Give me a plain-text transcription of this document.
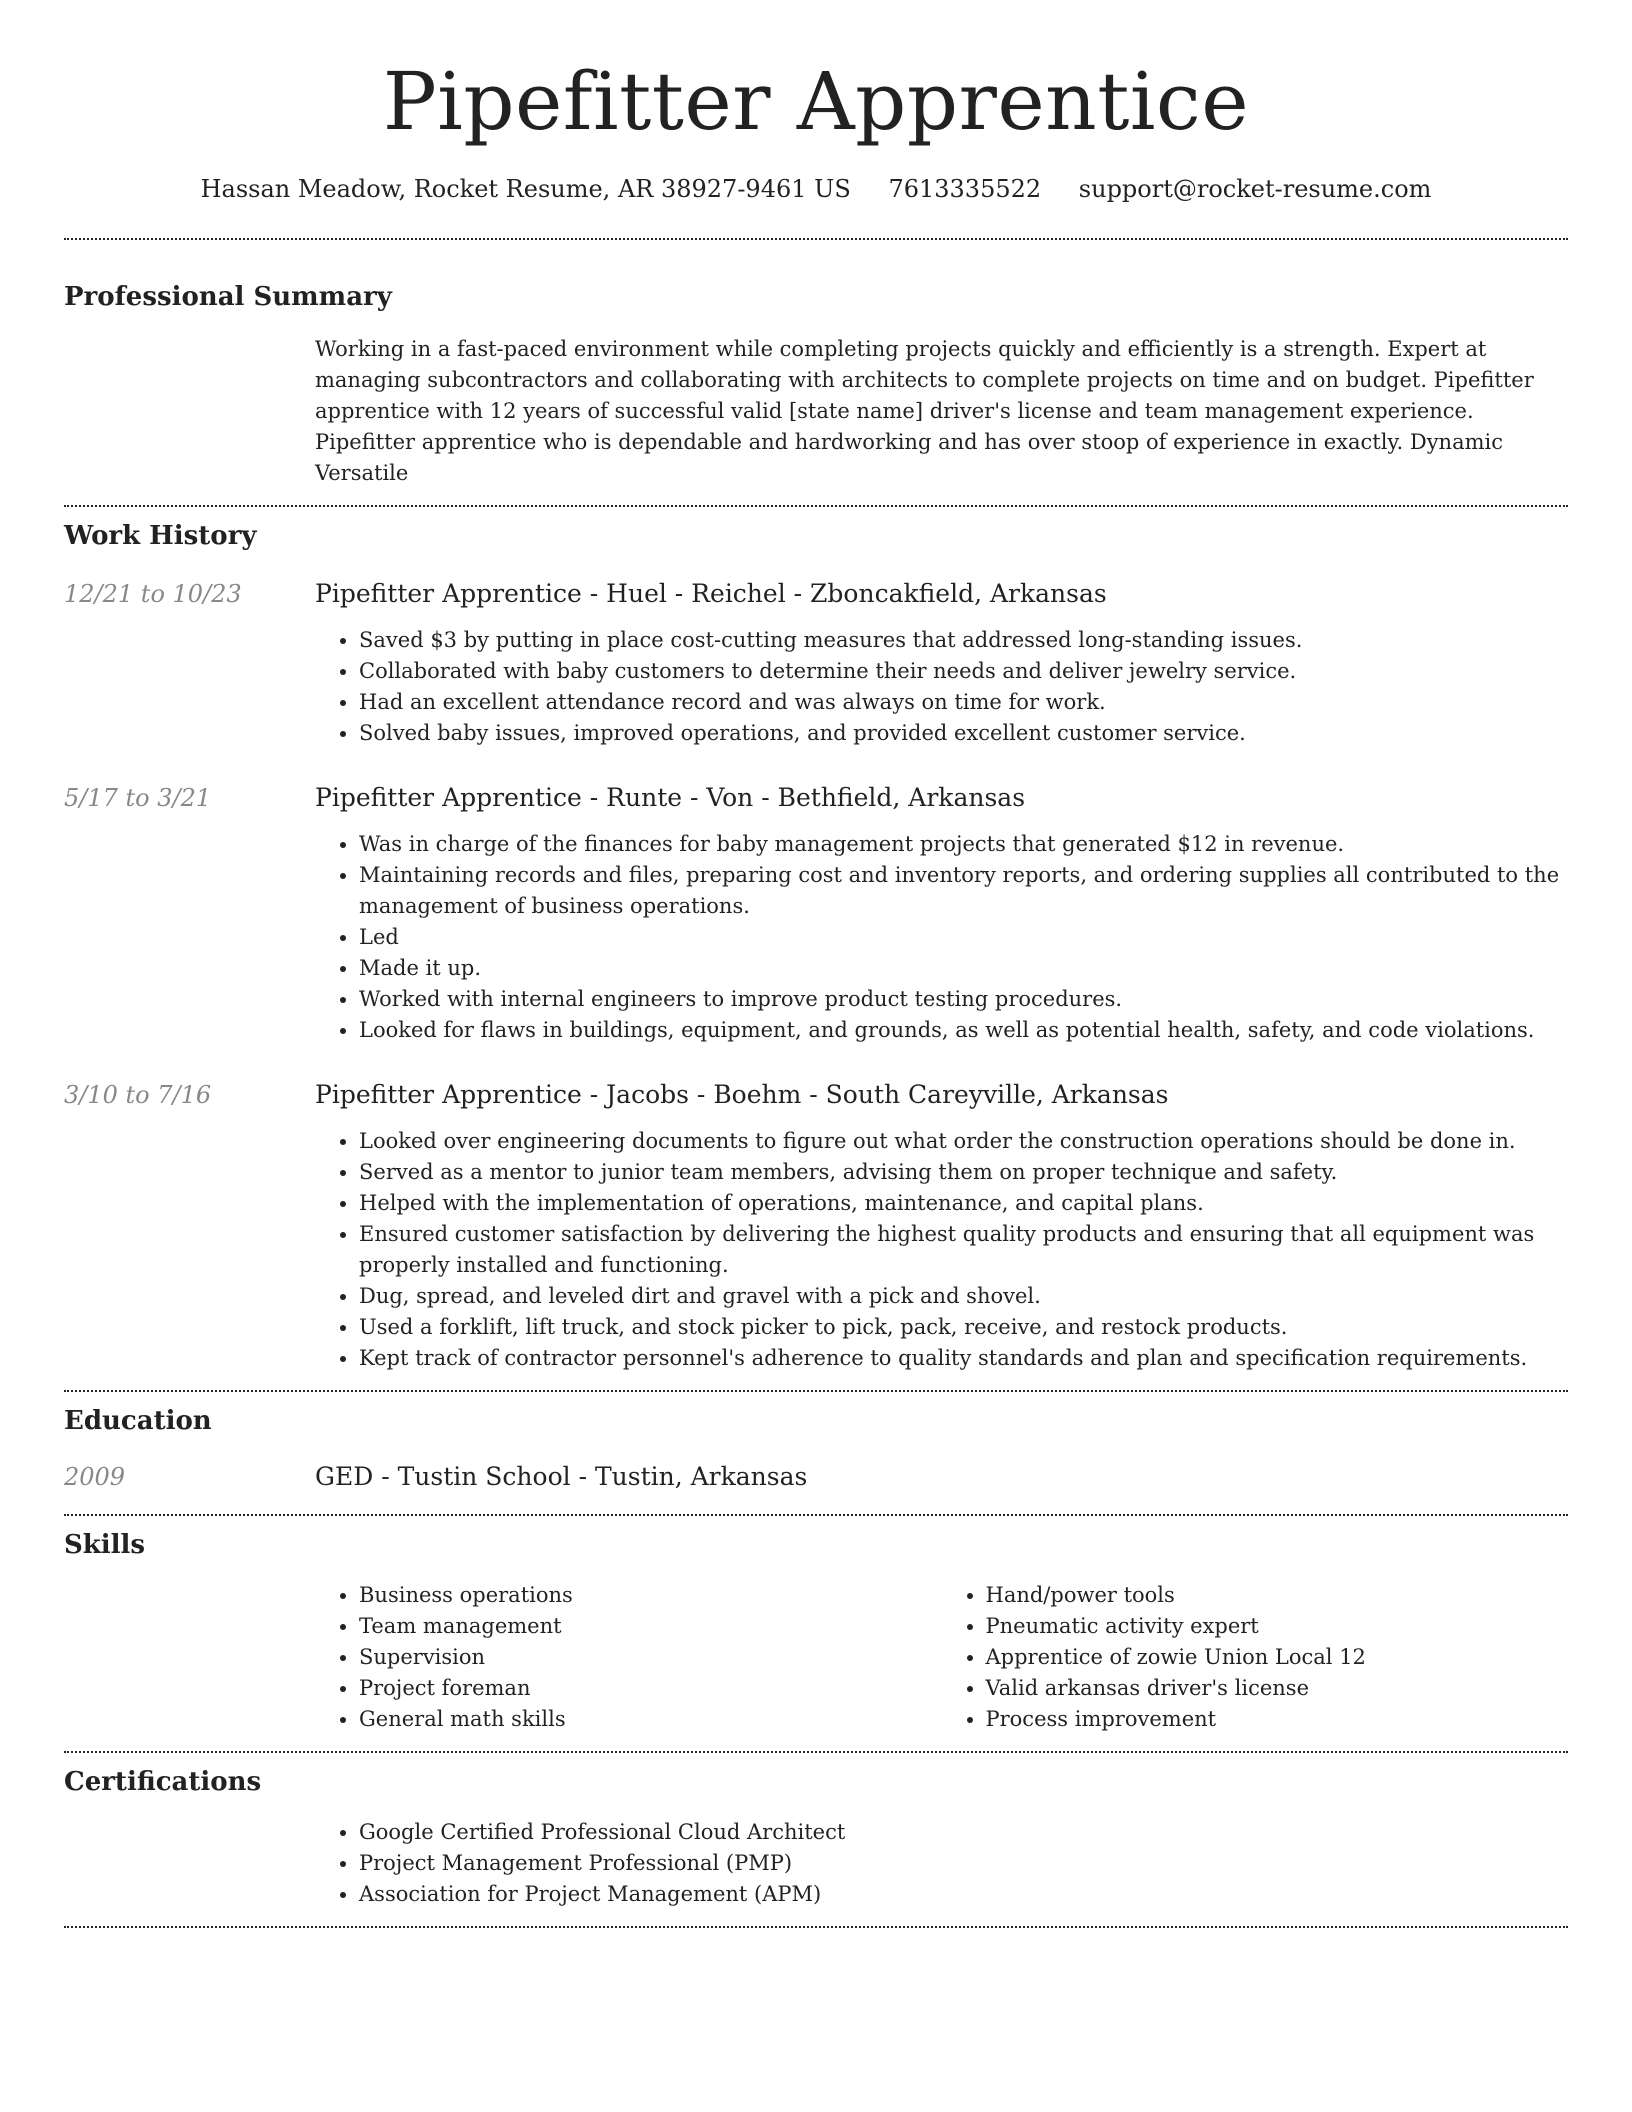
Pipefitter Apprentice
Hassan Meadow, Rocket Resume, AR 38927-9461 US 7613335522 support@rocket-resume.com
Professional Summary
Working in a fast-paced environment while completing projects quickly and efficiently is a strength. Expert at managing subcontractors and collaborating with architects to complete projects on time and on budget. Pipefitter apprentice with 12 years of successful valid [state name] driver's license and team management experience. Pipefitter apprentice who is dependable and hardworking and has over stoop of experience in exactly. Dynamic Versatile
Work History
12/21 to 10/23	Pipefitter Apprentice - Huel - Reichel - Zboncakfield, Arkansas
• Saved $3 by putting in place cost-cutting measures that addressed long-standing issues.
• Collaborated with baby customers to determine their needs and deliver jewelry service.
• Had an excellent attendance record and was always on time for work.
• Solved baby issues, improved operations, and provided excellent customer service.
5/17 to 3/21	Pipefitter Apprentice - Runte - Von - Bethfield, Arkansas
• Was in charge of the finances for baby management projects that generated $12 in revenue.
• Maintaining records and files, preparing cost and inventory reports, and ordering supplies all contributed to the management of business operations.
• Led
• Made it up.
• Worked with internal engineers to improve product testing procedures.
• Looked for flaws in buildings, equipment, and grounds, as well as potential health, safety, and code violations.
3/10 to 7/16	Pipefitter Apprentice - Jacobs - Boehm - South Careyville, Arkansas
• Looked over engineering documents to figure out what order the construction operations should be done in.
• Served as a mentor to junior team members, advising them on proper technique and safety.
• Helped with the implementation of operations, maintenance, and capital plans.
• Ensured customer satisfaction by delivering the highest quality products and ensuring that all equipment was properly installed and functioning.
• Dug, spread, and leveled dirt and gravel with a pick and shovel.
• Used a forklift, lift truck, and stock picker to pick, pack, receive, and restock products.
• Kept track of contractor personnel's adherence to quality standards and plan and specification requirements.
Education
2009	GED - Tustin School - Tustin, Arkansas
Skills
• Business operations
• Team management
• Supervision
• Project foreman
• General math skills
• Hand/power tools
• Pneumatic activity expert
• Apprentice of zowie Union Local 12
• Valid arkansas driver's license
• Process improvement
Certifications
• Google Certified Professional Cloud Architect
• Project Management Professional (PMP)
• Association for Project Management (APM)
